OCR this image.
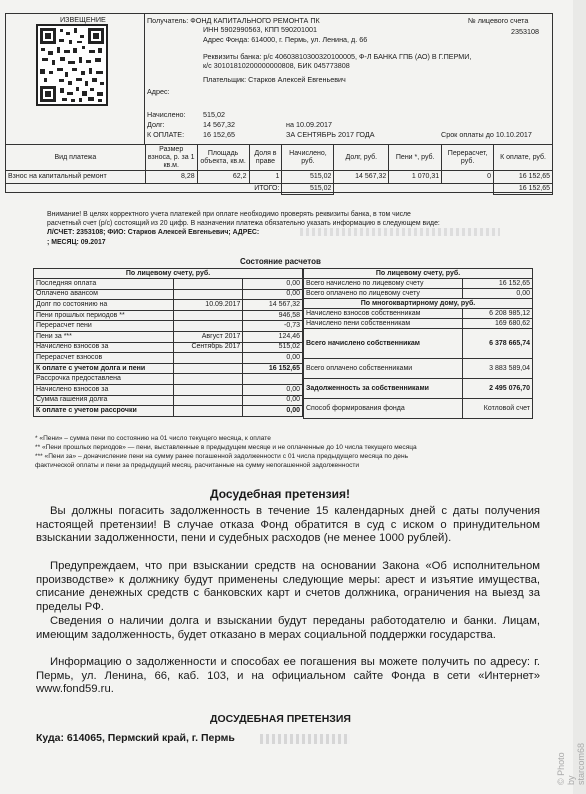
ИЗВЕЩЕНИЕ	Получатель: ФОНД КАПИТАЛЬНОГО РЕМОНТА ПК
ИНН 5902990563, КПП 590201001
Адрес Фонда: 614000, г. Пермь, ул. Ленина, д. 66
№ лицевого счета
2353108
Реквизиты банка: р/с 40603810300320100005, Ф-Л БАНКА ГПБ (АО) В Г.ПЕРМИ,
к/с 30101810200000000808, БИК 045773808
Плательщик: Старков Алексей Евгеньевич
Адрес:
Начислено: 515,02
Долг:	14 567,32	на 10.09.2017
К ОПЛАТЕ:	16 152,65	ЗА СЕНТЯБРЬ 2017 ГОДА	Срок оплаты до 10.10.2017
Вид платежа	Размер взноса, р. за 1 кв.м.	Площадь объекта, кв.м.	Доля в праве	Начислено, руб.	Долг, руб.	Пени *, руб.	Перерасчет, руб.	К оплате, руб.
Взнос на капитальный ремонт	8,28	62,2	1	515,02	14 567,32	1 070,31	0	16 152,65
	ИТОГО:			515,02				16 152,65
Внимание! В целях корректного учета платежей при оплате необходимо проверять реквизиты банка, в том числе
расчетный счет (р/с) состоящий из 20 цифр. В назначении платежа обязательно указать информацию в следующем виде:
Л/СЧЕТ: 2353108; ФИО: Старков Алексей Евгеньевич; АДРЕС:
; МЕСЯЦ: 09.2017
Состояние расчетов
По лицевому счету, руб.		
Последняя оплата		0,00
Оплачено авансом		0,00
Долг по состоянию на	10.09.2017	14 567,32
Пени прошлых периодов **		946,58
Перерасчет пени		-0,73
Пени за ***	Август 2017	124,46
Начислено взносов за	Сентябрь 2017	515,02
Перерасчет взносов		0,00
К оплате с учетом долга и пени		16 152,65
Рассрочка предоставлена		
Начислено взносов за		0,00
Сумма гашения долга		0,00
К оплате с учетом рассрочки		0,00
По лицевому счету, руб.	
Всего начислено по лицевому счету	16 152,65
Всего оплачено по лицевому счету	0,00
По многоквартирному дому, руб.	
Начислено взносов собственникам	6 208 985,12
Начислено пени собственникам	169 680,62
Всего начислено собственникам	6 378 665,74
Всего оплачено собственниками	3 883 589,04
Задолженность за собственниками	2 495 076,70
Способ формирования фонда	Котловой счет
* «Пени» – сумма пени по состоянию на 01 число текущего месяца, к оплате
** «Пени прошлых периодов» — пени, выставленные в предыдущем месяце и не оплаченные до 10 числа текущего месяца
*** «Пени за» – доначисление пени на сумму ранее погашенной задолженности с 01 числа предыдущего месяца по день
фактической оплаты и пени за предыдущий месяц, расчитанные на сумму непогашенной задолженности
Досудебная претензия!
Вы должны погасить задолженность в течение 15 календарных дней с даты получения настоящей претензии! В случае отказа Фонд обратится в суд с иском о принудительном взыскании задолженности, пени и судебных расходов (не менее 1000 рублей).
Предупреждаем, что при взыскании средств на основании Закона «Об исполнительном производстве» к должнику будут применены следующие меры: арест и изъятие имущества, списание денежных средств с банковских карт и счетов должника, ограничения на выезд за пределы РФ.
Сведения о наличии долга и взыскании будут переданы работодателю и банки. Лицам, имеющим задолженность, будет отказано в мерах социальной поддержки государства.
Информацию о задолженности и способах ее погашения вы можете получить по адресу: г. Пермь, ул. Ленина, 66, каб. 103, и на официальном сайте Фонда в сети «Интернет» www.fond59.ru.
ДОСУДЕБНАЯ ПРЕТЕНЗИЯ
Куда: 614065, Пермский край, г. Пермь
© Photo by starcom68
